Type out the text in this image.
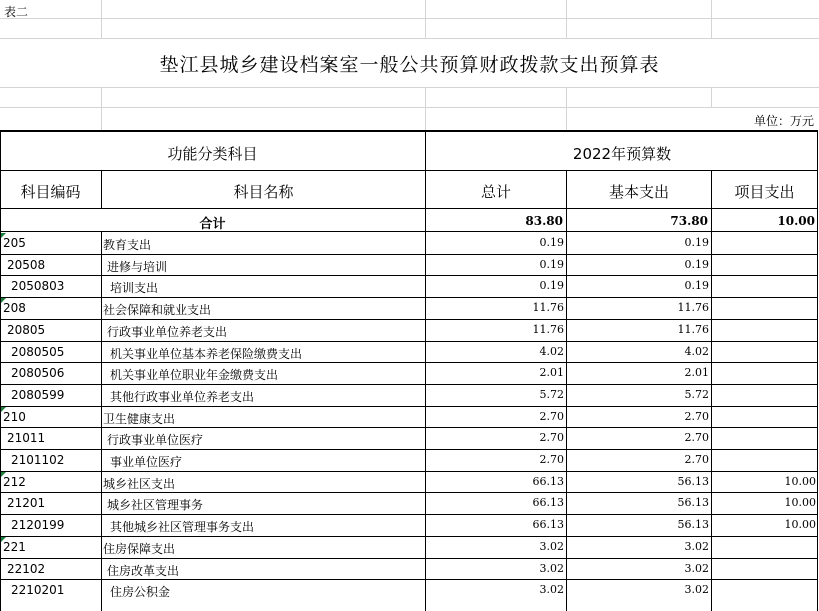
表二
垫江县城乡建设档案室一般公共预算财政拨款支出预算表
单位：万元
功能分类科目	2022年预算数
科目编码	科目名称	总计	基本支出	项目支出
合计	83.80	73.80	10.00
205	教育支出	0.19	0.19
20508	进修与培训	0.19	0.19
2050803	培训支出	0.19	0.19
208	社会保障和就业支出	11.76	11.76
20805	行政事业单位养老支出	11.76	11.76
2080505	机关事业单位基本养老保险缴费支出	4.02	4.02
2080506	机关事业单位职业年金缴费支出	2.01	2.01
2080599	其他行政事业单位养老支出	5.72	5.72
210	卫生健康支出	2.70	2.70
21011	行政事业单位医疗	2.70	2.70
2101102	事业单位医疗	2.70	2.70
212	城乡社区支出	66.13	56.13	10.00
21201	城乡社区管理事务	66.13	56.13	10.00
2120199	其他城乡社区管理事务支出	66.13	56.13	10.00
221	住房保障支出	3.02	3.02
22102	住房改革支出	3.02	3.02
2210201	住房公积金	3.02	3.02
